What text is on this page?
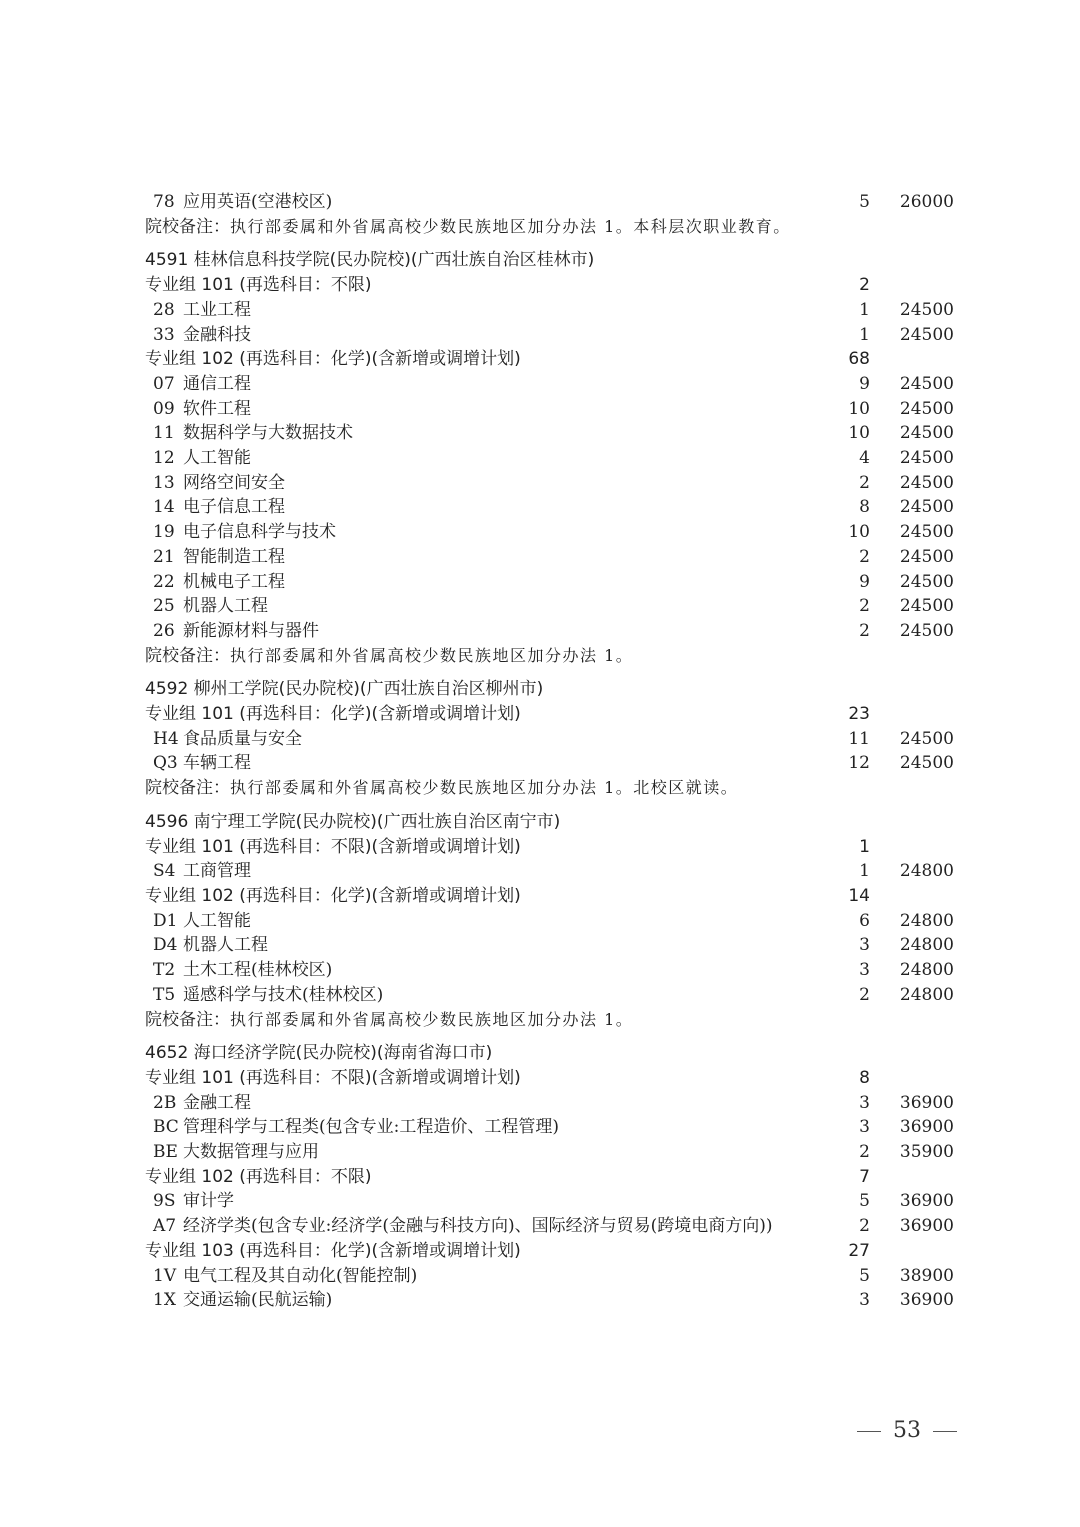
78 应用英语(空港校区)	5 26000
院校备注： 执行部委属和外省属高校少数民族地区加分办法 1。本科层次职业教育。
4591 桂林信息科技学院(民办院校)(广西壮族自治区桂林市)
专业组 101 (再选科目：不限)	2
28 工业工程	1 24500
33 金融科技	1 24500
专业组 102 (再选科目：化学)(含新增或调增计划)	68
07 通信工程	9 24500
09 软件工程	10 24500
11 数据科学与大数据技术	10 24500
12 人工智能	4 24500
13 网络空间安全	2 24500
14 电子信息工程	8 24500
19 电子信息科学与技术	10 24500
21 智能制造工程	2 24500
22 机械电子工程	9 24500
25 机器人工程	2 24500
26 新能源材料与器件	2 24500
院校备注： 执行部委属和外省属高校少数民族地区加分办法 1。
4592 柳州工学院(民办院校)(广西壮族自治区柳州市)
专业组 101 (再选科目：化学)(含新增或调增计划)	23
H4 食品质量与安全	11 24500
Q3 车辆工程	12 24500
院校备注： 执行部委属和外省属高校少数民族地区加分办法 1。北校区就读。
4596 南宁理工学院(民办院校)(广西壮族自治区南宁市)
专业组 101 (再选科目：不限)(含新增或调增计划)	1
S4 工商管理	1 24800
专业组 102 (再选科目：化学)(含新增或调增计划)	14
D1 人工智能	6 24800
D4 机器人工程	3 24800
T2 土木工程(桂林校区)	3 24800
T5 遥感科学与技术(桂林校区)	2 24800
院校备注： 执行部委属和外省属高校少数民族地区加分办法 1。
4652 海口经济学院(民办院校)(海南省海口市)
专业组 101 (再选科目：不限)(含新增或调增计划)	8
2B 金融工程	3 36900
BC 管理科学与工程类(包含专业:工程造价、工程管理)	3 36900
BE 大数据管理与应用	2 35900
专业组 102 (再选科目：不限)	7
9S 审计学	5 36900
A7 经济学类(包含专业:经济学(金融与科技方向)、国际经济与贸易(跨境电商方向))	2 36900
专业组 103 (再选科目：化学)(含新增或调增计划)	27
1V 电气工程及其自动化(智能控制)	5 38900
1X 交通运输(民航运输)	3 36900
53
